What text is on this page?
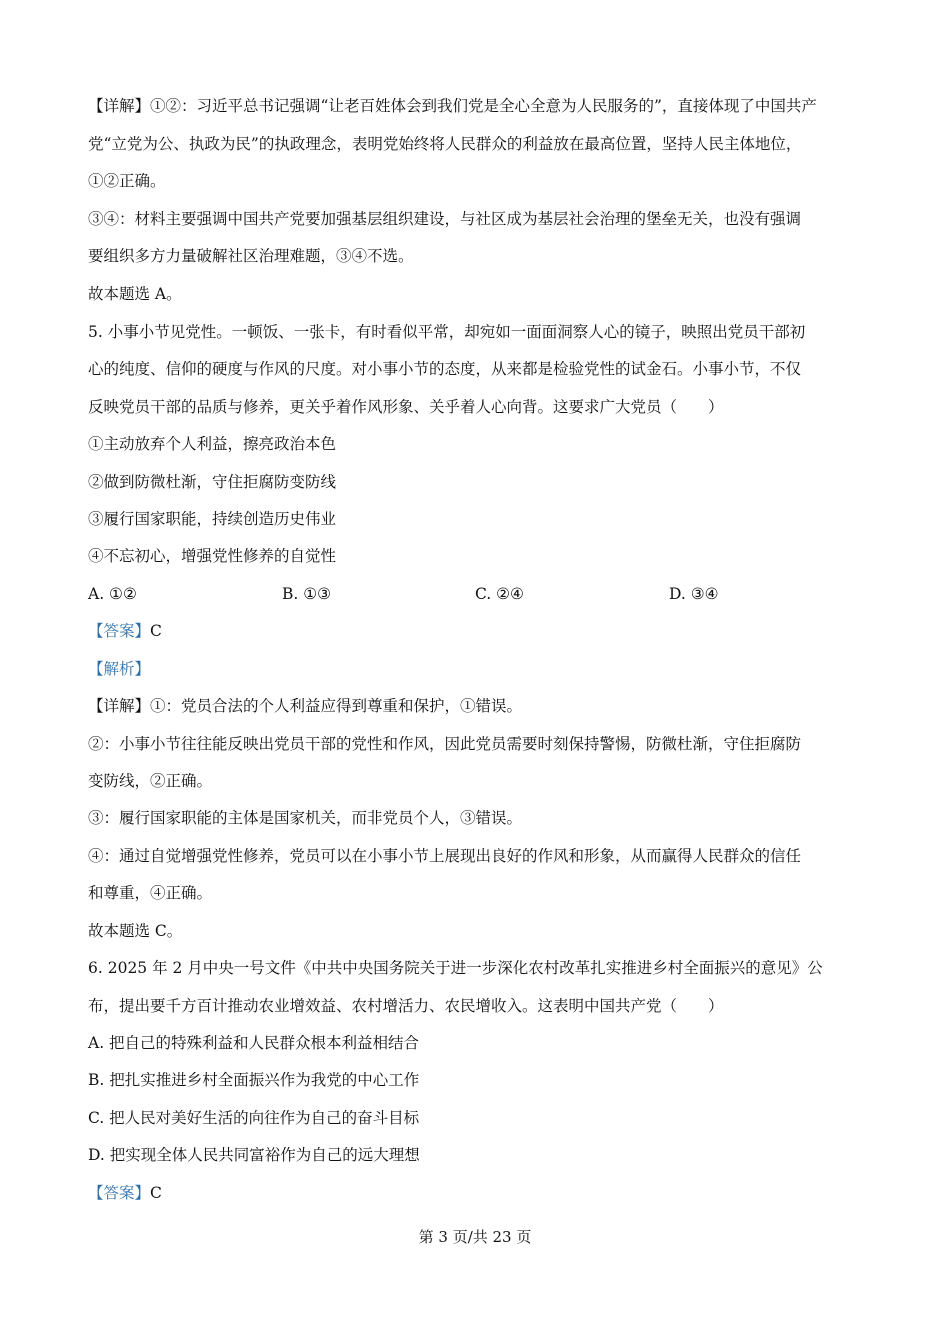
【详解】①②：习近平总书记强调“让老百姓体会到我们党是全心全意为人民服务的”，直接体现了中国共产
党“立党为公、执政为民”的执政理念，表明党始终将人民群众的利益放在最高位置，坚持人民主体地位，
①②正确。
③④：材料主要强调中国共产党要加强基层组织建设，与社区成为基层社会治理的堡垒无关，也没有强调
要组织多方力量破解社区治理难题，③④不选。
故本题选 A。
5. 小事小节见党性。一顿饭、一张卡，有时看似平常，却宛如一面面洞察人心的镜子，映照出党员干部初
心的纯度、信仰的硬度与作风的尺度。对小事小节的态度，从来都是检验党性的试金石。小事小节，不仅
反映党员干部的品质与修养，更关乎着作风形象、关乎着人心向背。这要求广大党员（　　）
①主动放弃个人利益，擦亮政治本色
②做到防微杜渐，守住拒腐防变防线
③履行国家职能，持续创造历史伟业
④不忘初心，增强党性修养的自觉性
A. ①②	B. ①③	C. ②④	D. ③④
【答案】C
【解析】
【详解】①：党员合法的个人利益应得到尊重和保护，①错误。
②：小事小节往往能反映出党员干部的党性和作风，因此党员需要时刻保持警惕，防微杜渐，守住拒腐防
变防线，②正确。
③：履行国家职能的主体是国家机关，而非党员个人，③错误。
④：通过自觉增强党性修养，党员可以在小事小节上展现出良好的作风和形象，从而赢得人民群众的信任
和尊重，④正确。
故本题选 C。
6. 2025 年 2 月中央一号文件《中共中央国务院关于进一步深化农村改革扎实推进乡村全面振兴的意见》公
布，提出要千方百计推动农业增效益、农村增活力、农民增收入。这表明中国共产党（　　）
A. 把自己的特殊利益和人民群众根本利益相结合
B. 把扎实推进乡村全面振兴作为我党的中心工作
C. 把人民对美好生活的向往作为自己的奋斗目标
D. 把实现全体人民共同富裕作为自己的远大理想
【答案】C
第 3 页/共 23 页
